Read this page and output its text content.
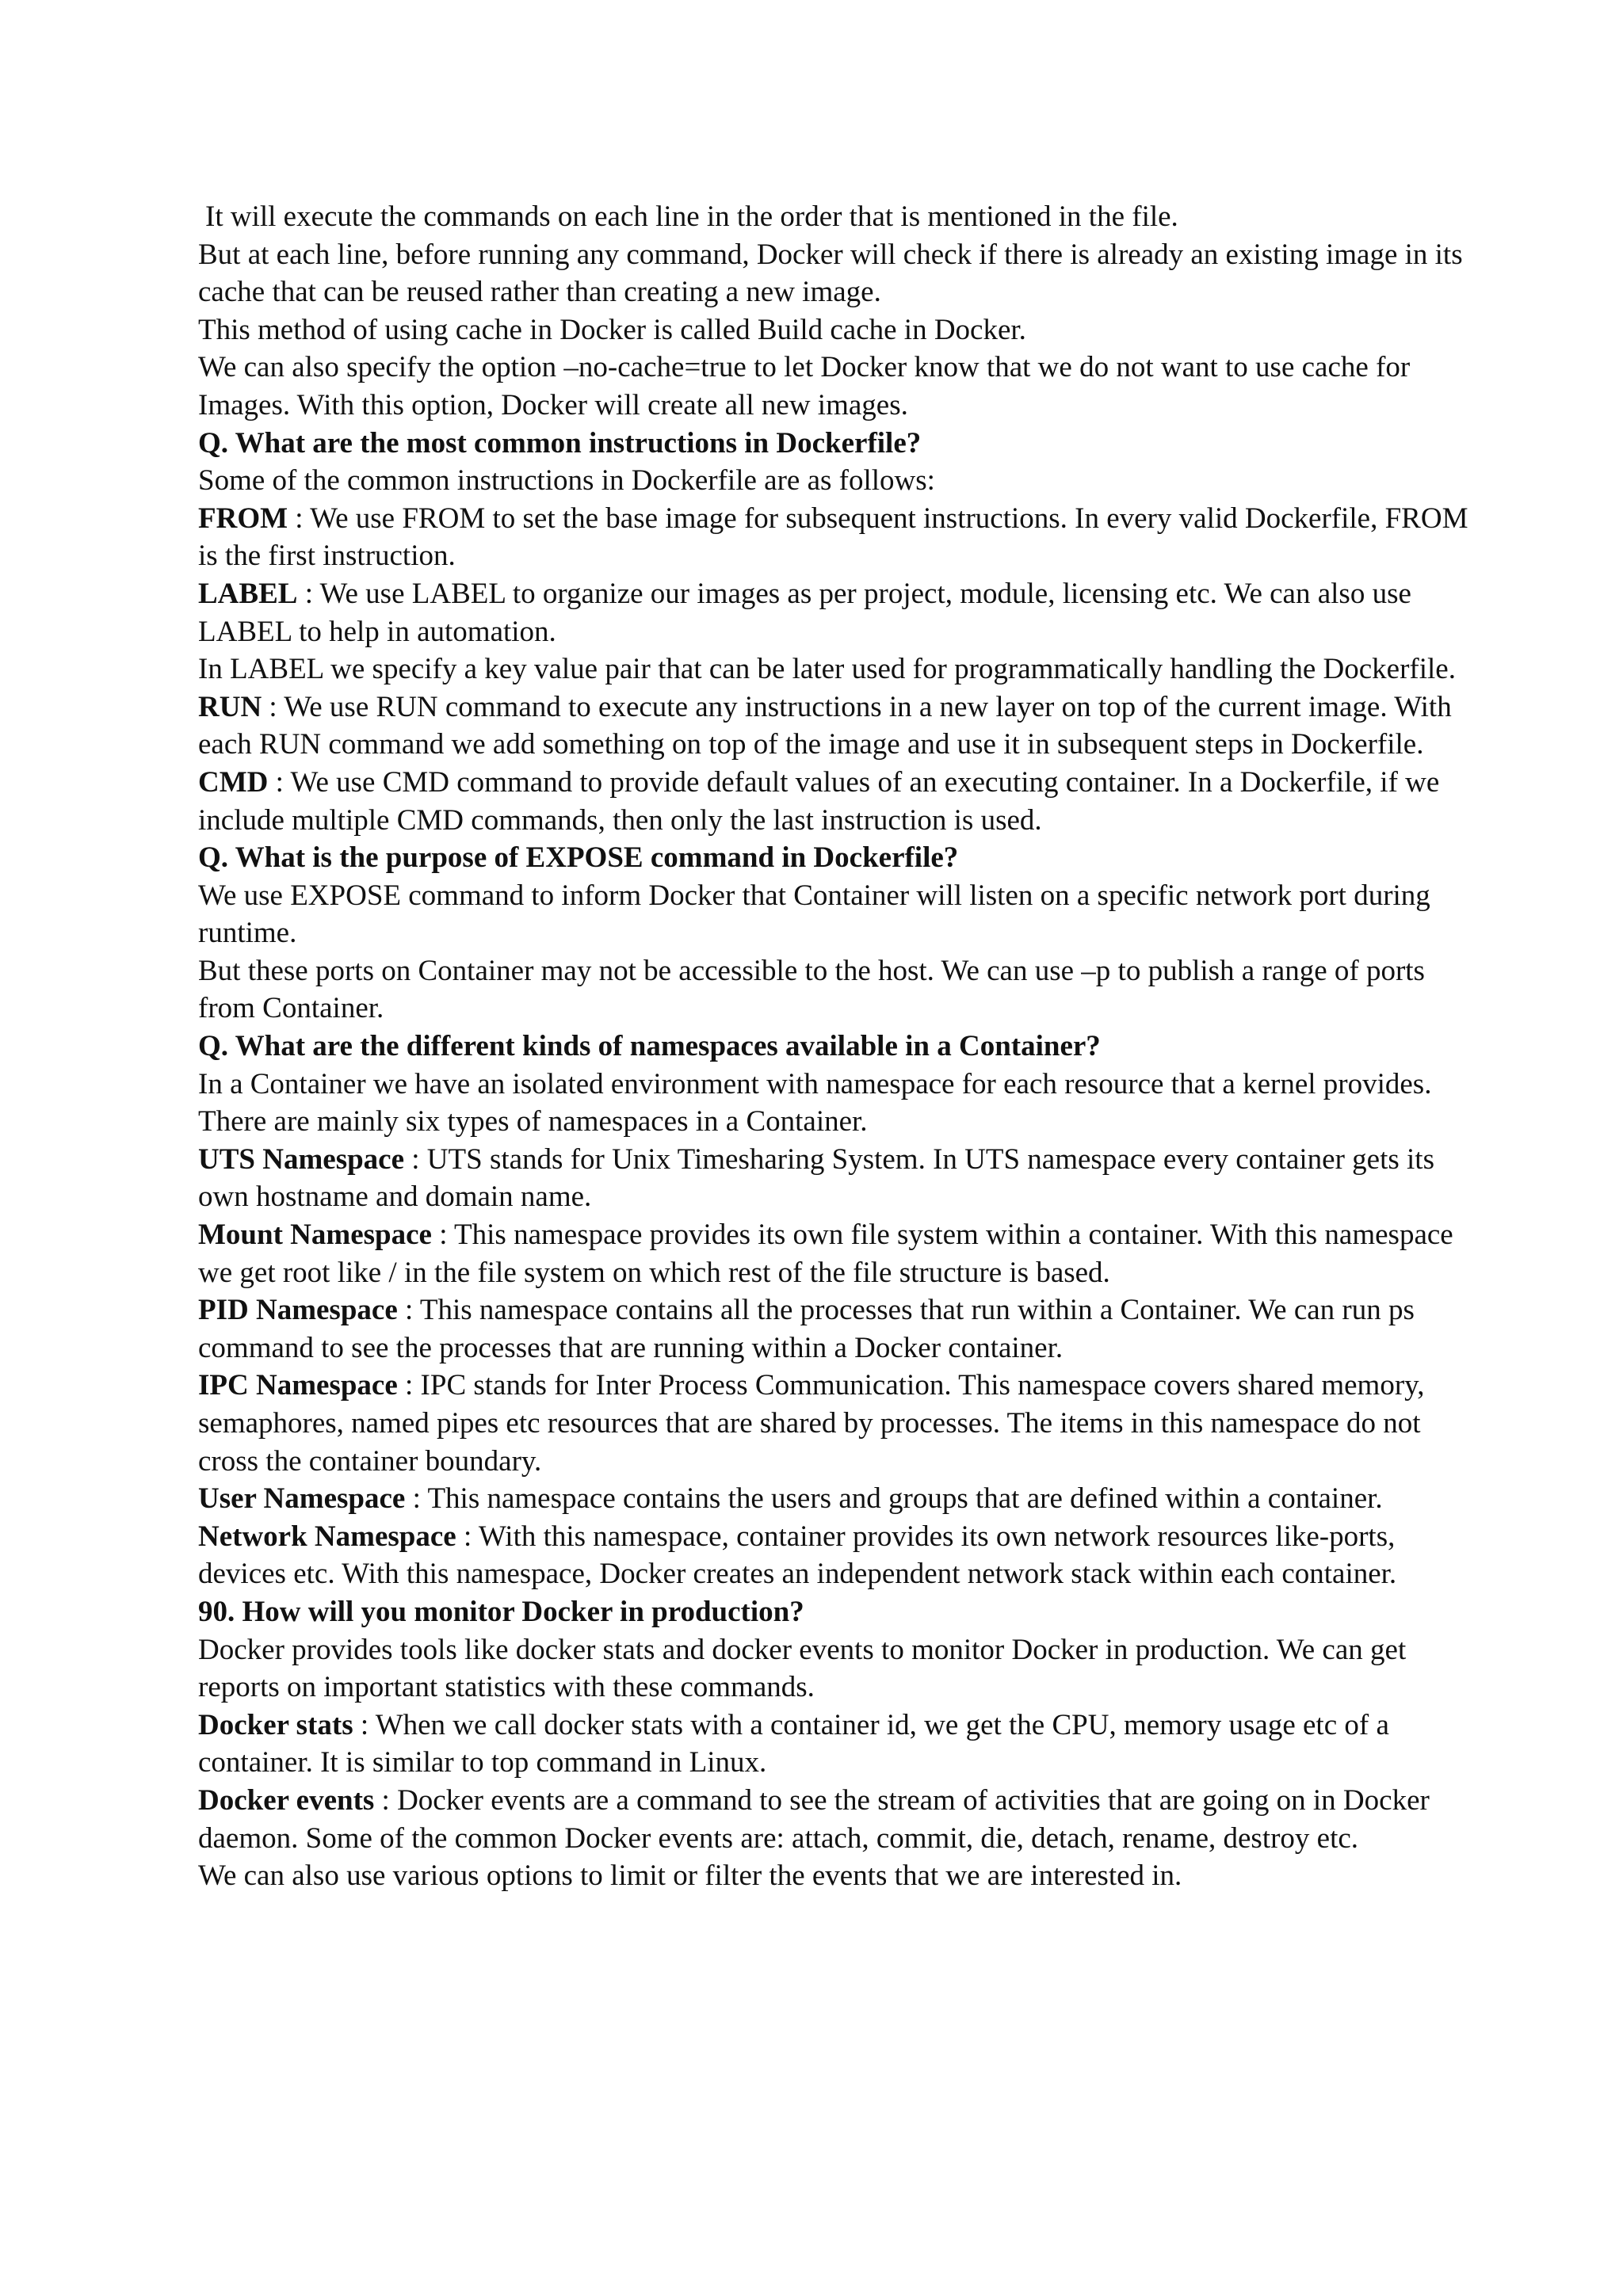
It will execute the commands on each line in the order that is mentioned in the file.

But at each line, before running any command, Docker will check if there is already an existing image in its cache that can be reused rather than creating a new image.

This method of using cache in Docker is called Build cache in Docker.

We can also specify the option –no-cache=true to let Docker know that we do not want to use cache for Images. With this option, Docker will create all new images.

Q. What are the most common instructions in Dockerfile?

Some of the common instructions in Dockerfile are as follows:

FROM : We use FROM to set the base image for subsequent instructions. In every valid Dockerfile, FROM is the first instruction.

LABEL : We use LABEL to organize our images as per project, module, licensing etc. We can also use LABEL to help in automation.

In LABEL we specify a key value pair that can be later used for programmatically handling the Dockerfile.

RUN : We use RUN command to execute any instructions in a new layer on top of the current image. With each RUN command we add something on top of the image and use it in subsequent steps in Dockerfile.

CMD : We use CMD command to provide default values of an executing container. In a Dockerfile, if we include multiple CMD commands, then only the last instruction is used.

Q. What is the purpose of EXPOSE command in Dockerfile?

We use EXPOSE command to inform Docker that Container will listen on a specific network port during runtime.

But these ports on Container may not be accessible to the host. We can use –p to publish a range of ports from Container.

Q. What are the different kinds of namespaces available in a Container?

In a Container we have an isolated environment with namespace for each resource that a kernel provides. There are mainly six types of namespaces in a Container.

UTS Namespace : UTS stands for Unix Timesharing System. In UTS namespace every container gets its own hostname and domain name.

Mount Namespace : This namespace provides its own file system within a container. With this namespace we get root like / in the file system on which rest of the file structure is based.

PID Namespace : This namespace contains all the processes that run within a Container. We can run ps command to see the processes that are running within a Docker container.

IPC Namespace : IPC stands for Inter Process Communication. This namespace covers shared memory, semaphores, named pipes etc resources that are shared by processes. The items in this namespace do not cross the container boundary.

User Namespace : This namespace contains the users and groups that are defined within a container.

Network Namespace : With this namespace, container provides its own network resources like-ports, devices etc. With this namespace, Docker creates an independent network stack within each container.

90. How will you monitor Docker in production?

Docker provides tools like docker stats and docker events to monitor Docker in production. We can get reports on important statistics with these commands.

Docker stats : When we call docker stats with a container id, we get the CPU, memory usage etc of a container. It is similar to top command in Linux.

Docker events : Docker events are a command to see the stream of activities that are going on in Docker daemon. Some of the common Docker events are: attach, commit, die, detach, rename, destroy etc.

We can also use various options to limit or filter the events that we are interested in.
